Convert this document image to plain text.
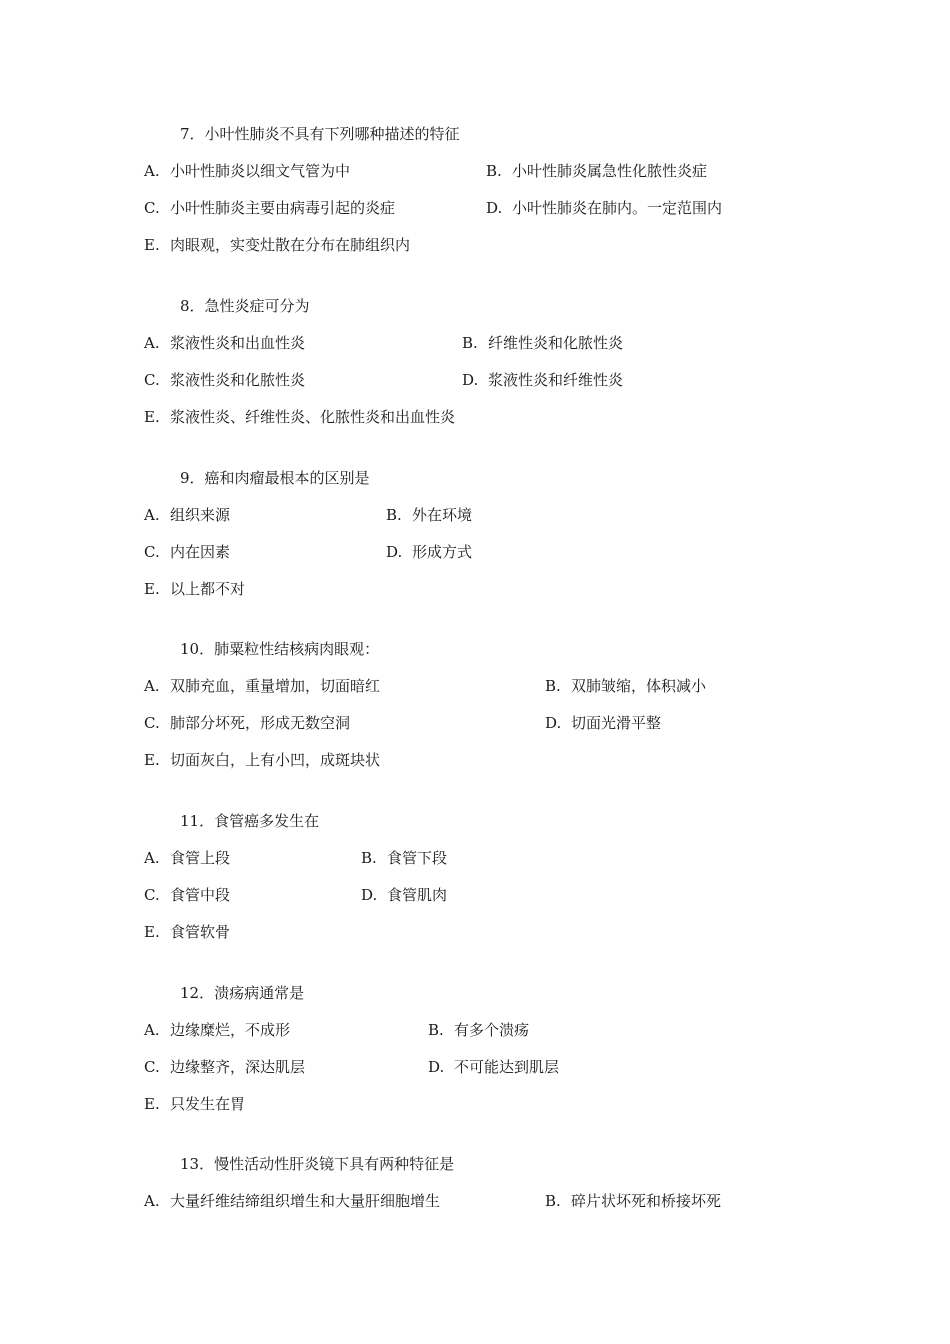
7．小叶性肺炎不具有下列哪种描述的特征
A. 小叶性肺炎以细文气管为中	B. 小叶性肺炎属急性化脓性炎症
C. 小叶性肺炎主要由病毒引起的炎症	D. 小叶性肺炎在肺内。一定范围内
E. 肉眼观，实变灶散在分布在肺组织内
8．急性炎症可分为
A. 浆液性炎和出血性炎	B. 纤维性炎和化脓性炎
C. 浆液性炎和化脓性炎	D. 浆液性炎和纤维性炎
E. 浆液性炎、纤维性炎、化脓性炎和出血性炎
9．癌和肉瘤最根本的区别是
A. 组织来源	B. 外在环境
C. 内在因素	D. 形成方式
E. 以上都不对
10．肺粟粒性结核病肉眼观：
A. 双肺充血，重量增加，切面暗红	B. 双肺皱缩，体积减小
C. 肺部分坏死，形成无数空洞	D. 切面光滑平整
E. 切面灰白，上有小凹，成斑块状
11．食管癌多发生在
A. 食管上段	B. 食管下段
C. 食管中段	D. 食管肌肉
E. 食管软骨
12．溃疡病通常是
A. 边缘糜烂，不成形	B. 有多个溃疡
C. 边缘整齐，深达肌层	D. 不可能达到肌层
E. 只发生在胃
13．慢性活动性肝炎镜下具有两种特征是
A. 大量纤维结缔组织增生和大量肝细胞增生	B. 碎片状坏死和桥接坏死
